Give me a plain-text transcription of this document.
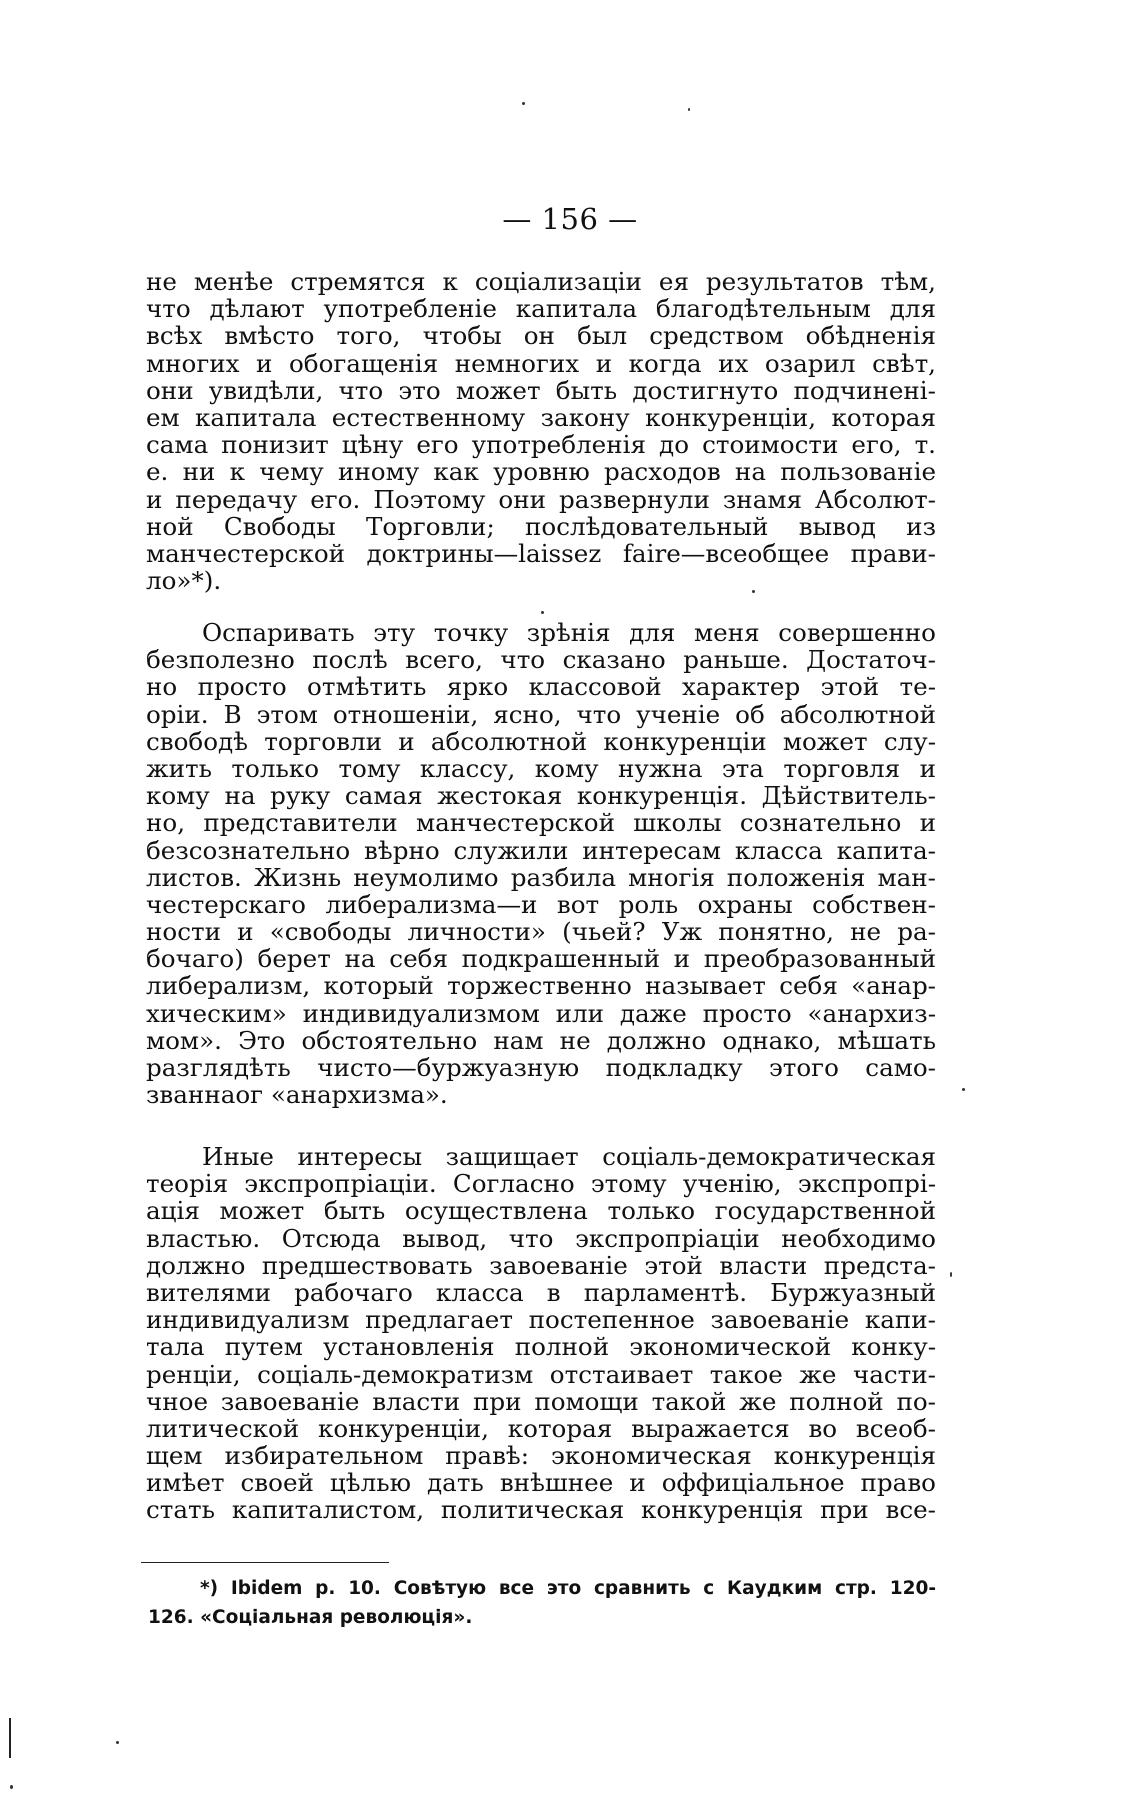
— 156 —
не менѣе стремятся к соціализаціи ея результатов тѣм,
что дѣлают употребленіе капитала благодѣтельным для
всѣх вмѣсто того, чтобы он был средством обѣдненія
многих и обогащенія немногих и когда их озарил свѣт,
они увидѣли, что это может быть достигнуто подчиненi-
ем капитала естественному закону конкуренціи, которая
сама понизит цѣну его употребленія до стоимости его, т.
е. ни к чему иному как уровню расходов на пользованіе
и передачу его. Поэтому они развернули знамя Абсолют-
ной Свободы Торговли; послѣдовательный вывод из
манчестерской доктрины—laissez faire—всеобщее прави-
ло»*).
Оспаривать эту точку зрѣнія для меня совершенно
безполезно послѣ всего, что сказано раньше. Достаточ-
но просто отмѣтить ярко классовой характер этой те-
оріи. В этом отношеніи, ясно, что ученіе об абсолютной
свободѣ торговли и абсолютной конкуренціи может слу-
жить только тому классу, кому нужна эта торговля и
кому на руку самая жестокая конкуренція. Дѣйствитель-
но, представители манчестерской школы сознательно и
безсознательно вѣрно служили интересам класса капита-
листов. Жизнь неумолимо разбила многія положенія ман-
честерскаго либерализма—и вот роль охраны собствен-
ности и «свободы личности» (чьей? Уж понятно, не ра-
бочаго) берет на себя подкрашенный и преобразованный
либерализм, который торжественно называет себя «анар-
хическим» индивидуализмом или даже просто «анархиз-
мом». Это обстоятельно нам не должно однако, мѣшать
разглядѣть чисто—буржуазную подкладку этого само-
званнаог «анархизма».
Иные интересы защищает соціаль-демократическая
теорія экспропріаціи. Согласно этому ученію, экспропрі-
ація может быть осуществлена только государственной
властью. Отсюда вывод, что экспропріаціи необходимо
должно предшествовать завоеваніе этой власти предста-
вителями рабочаго класса в парламентѣ. Буржуазный
индивидуализм предлагает постепенное завоеваніе капи-
тала путем установленія полной экономической конку-
ренціи, соціаль-демократизм отстаивает такое же части-
чное завоеваніе власти при помощи такой же полной по-
литической конкуренціи, которая выражается во всеоб-
щем избирательном правѣ: экономическая конкуренція
имѣет своей цѣлью дать внѣшнее и оффиціальное право
стать капиталистом, политическая конкуренція при все-
*) Ibidem p. 10. Совѣтую все это сравнить с Каудким стр. 120-
126. «Соціальная революція».
